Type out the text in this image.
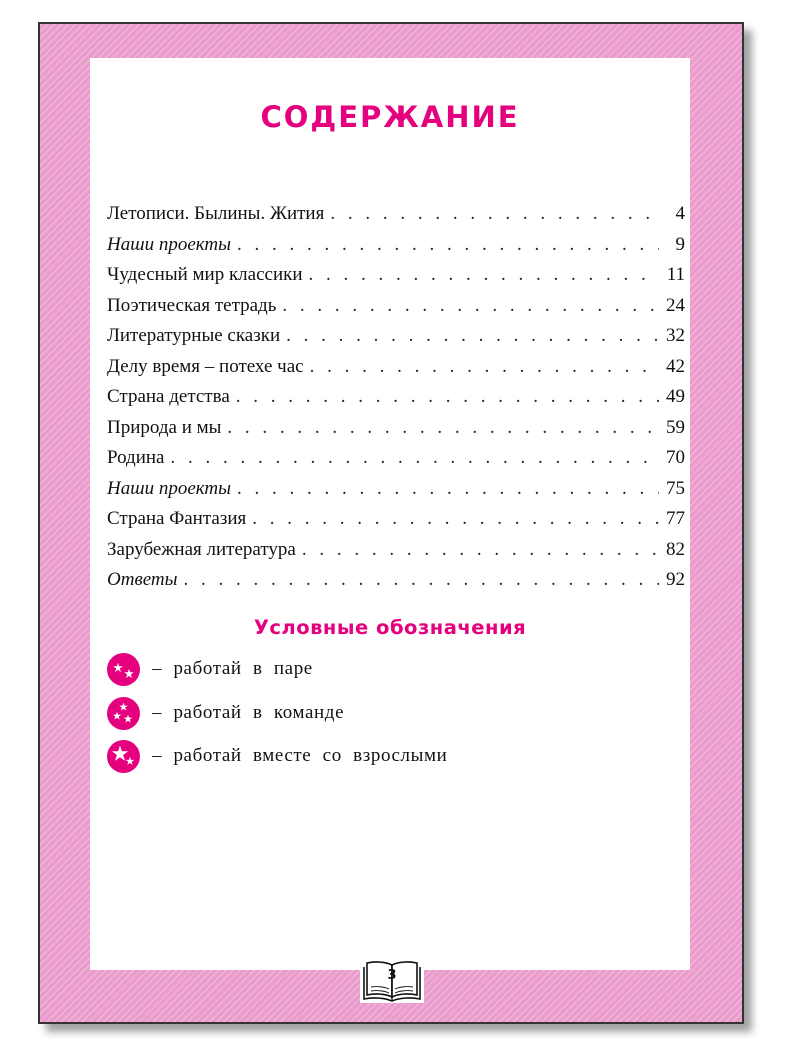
СОДЕРЖАНИЕ
Летописи. Былины. Жития . . .	4
Наши проекты . . .	9
Чудесный мир классики . . .	11
Поэтическая тетрадь . . .	24
Литературные сказки . . .	32
Делу время – потехе час . . .	42
Страна детства . . .	49
Природа и мы . . .	59
Родина . . .	70
Наши проекты . . .	75
Страна Фантазия . . .	77
Зарубежная литература . . .	82
Ответы . . .	92
Условные обозначения
– работай в паре
– работай в команде
– работай вместе со взрослыми
3
